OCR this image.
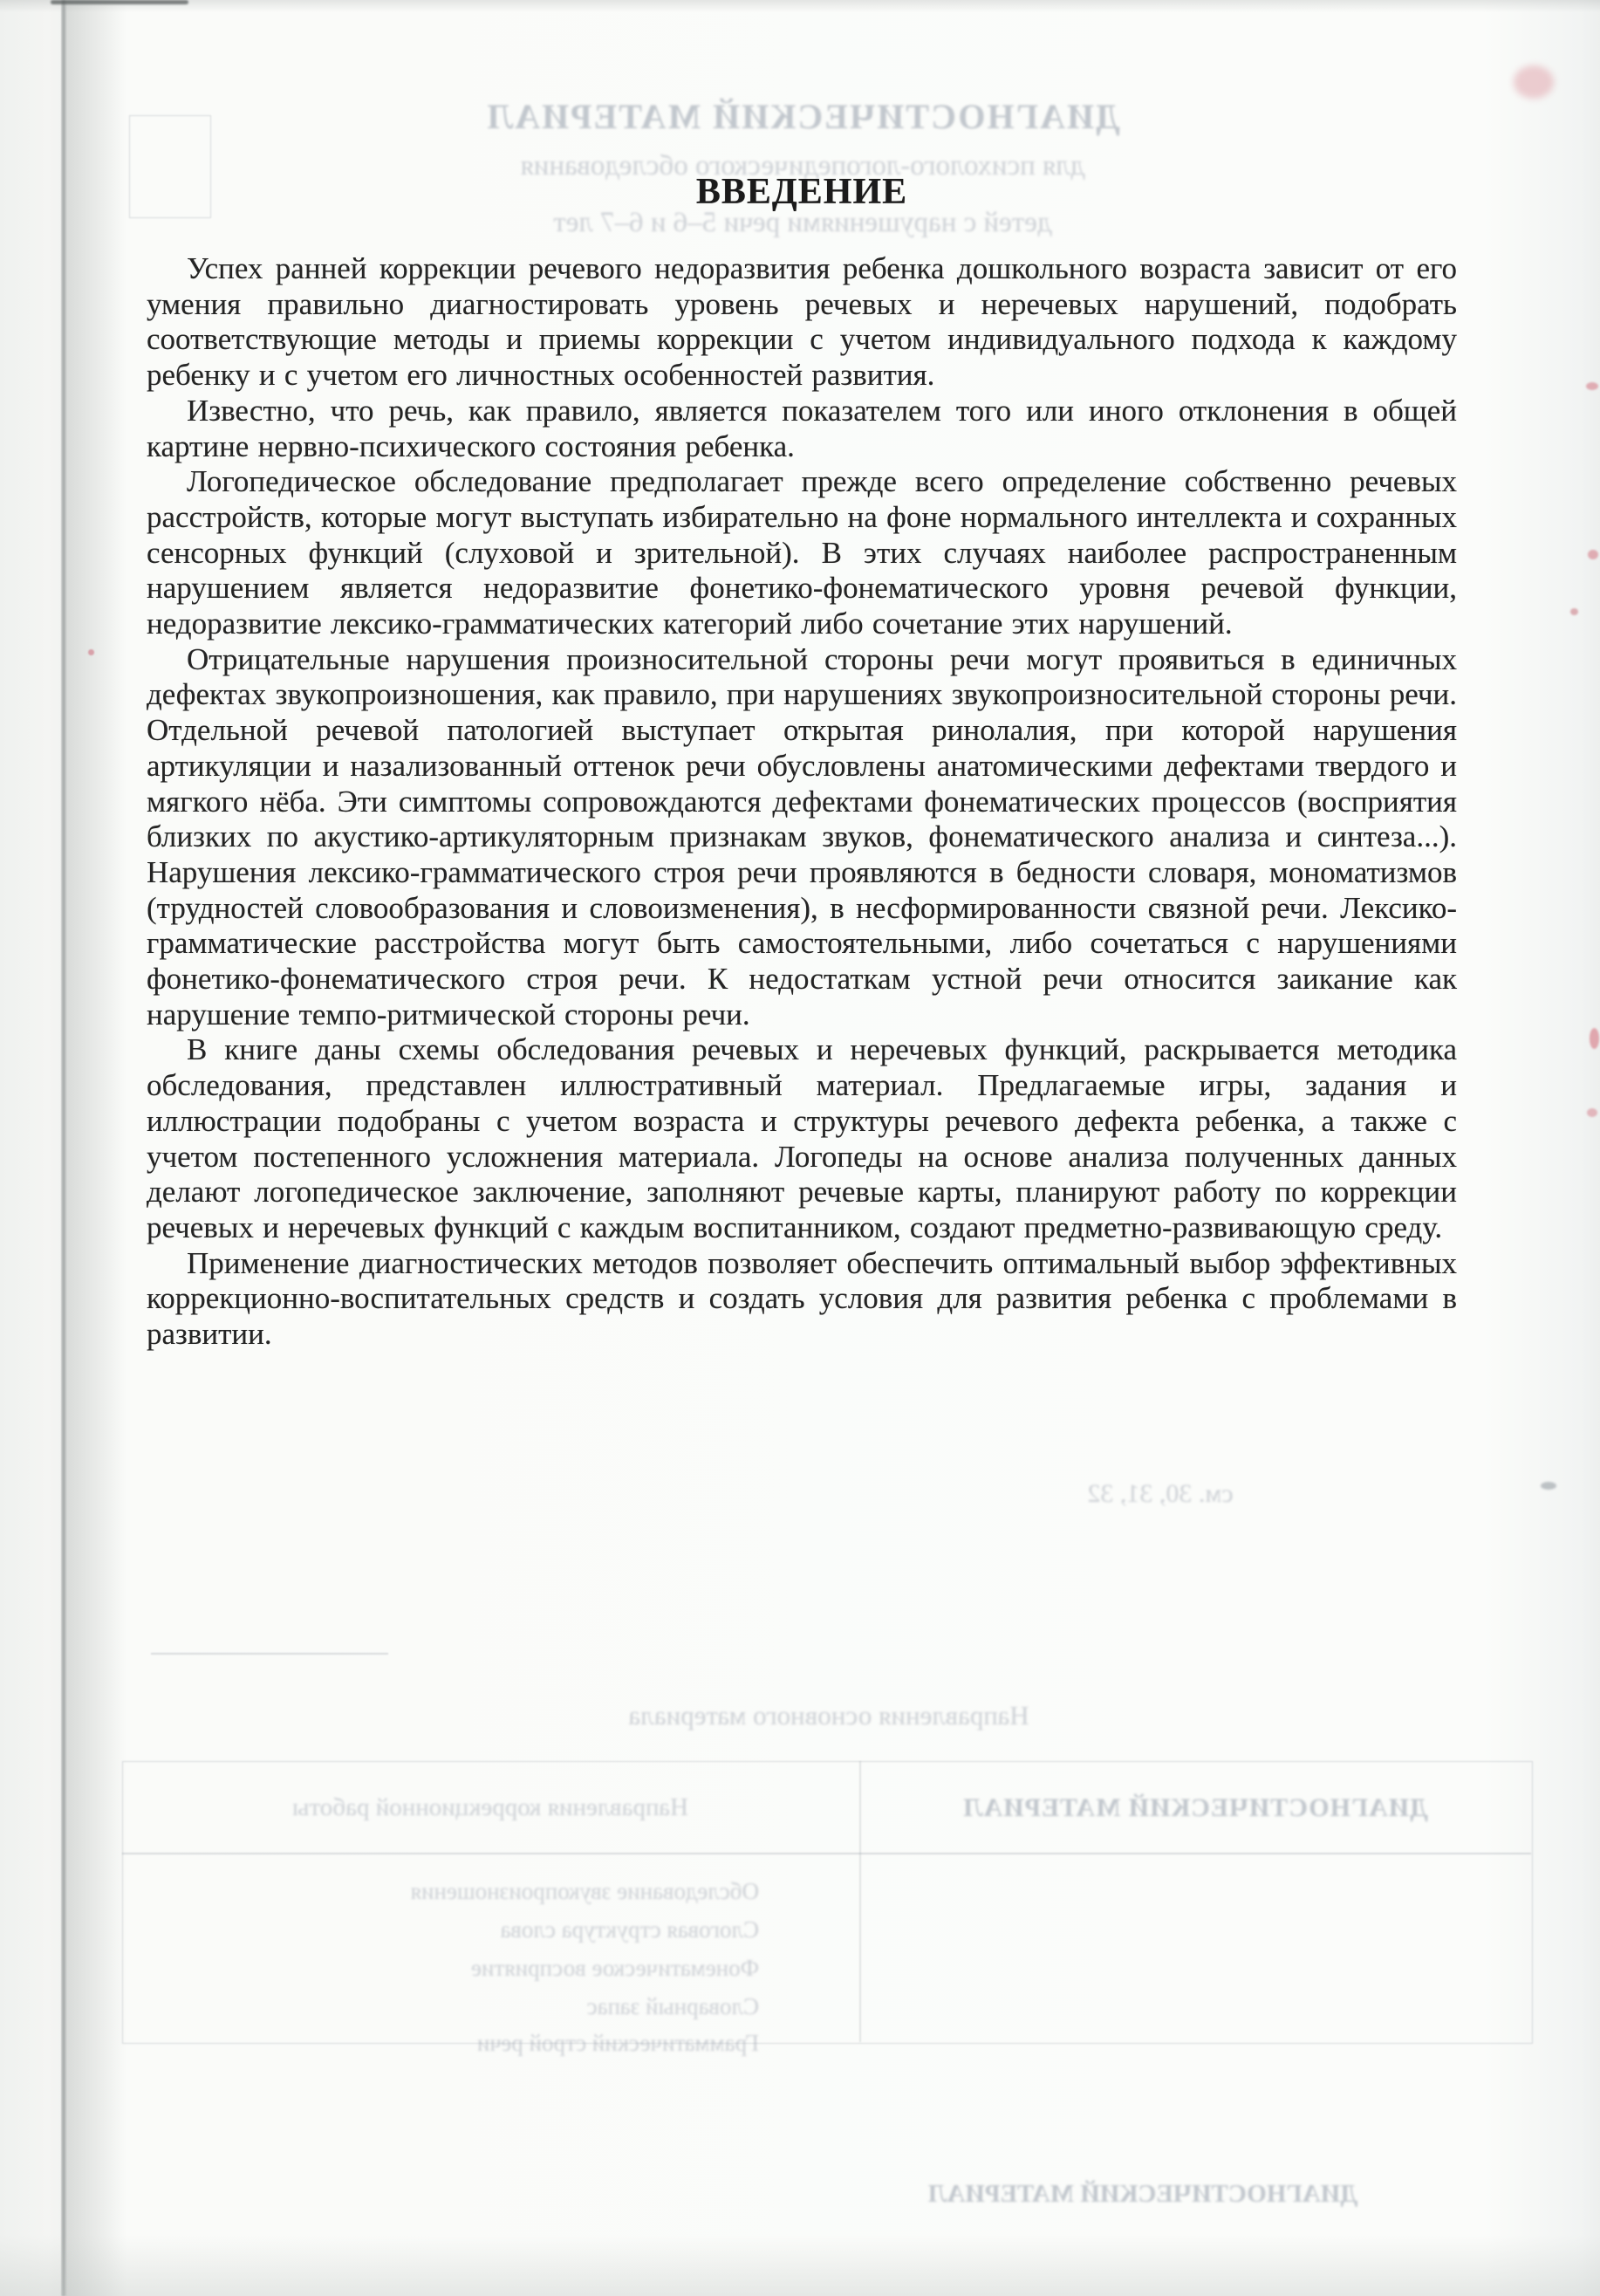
ДИАГНОСТИЧЕСКИЙ МАТЕРИАЛ
для психолого-логопедического обследования
детей с нарушениями речи 5–6 и 6–7 лет
см. 30, 31, 32
Направления основного материала
Направления коррекционной работы	ДИАГНОСТИЧЕСКИЙ МАТЕРИАЛ
Обследование звукопроизношения
Слоговая структура слова
Фонематическое восприятие
Словарный запас
Грамматический строй речи
ДИАГНОСТИЧЕСКИЙ МАТЕРИАЛ
ВВЕДЕНИЕ

Успех ранней коррекции речевого недоразвития ребенка дошкольного возраста зависит от его умения правильно диагностировать уровень речевых и неречевых нарушений, подобрать соответствующие методы и приемы коррекции с учетом индивидуального подхода к каждому ребенку и с учетом его личностных особенностей развития.

Известно, что речь, как правило, является показателем того или иного отклонения в общей картине нервно-психического состояния ребенка.

Логопедическое обследование предполагает прежде всего определение собственно речевых расстройств, которые могут выступать избирательно на фоне нормального интеллекта и сохранных сенсорных функций (слуховой и зрительной). В этих случаях наиболее распространенным нарушением является недоразвитие фонетико-фонематического уровня речевой функции, недоразвитие лексико-грамматических категорий либо сочетание этих нарушений.

Отрицательные нарушения произносительной стороны речи могут проявиться в единичных дефектах звукопроизношения, как правило, при нарушениях звукопроизносительной стороны речи. Отдельной речевой патологией выступает открытая ринолалия, при которой нарушения артикуляции и назализованный оттенок речи обусловлены анатомическими дефектами твердого и мягкого нёба. Эти симптомы сопровождаются дефектами фонематических процессов (восприятия близких по акустико-артикуляторным признакам звуков, фонематического анализа и синтеза...). Нарушения лексико-грамматического строя речи проявляются в бедности словаря, мономатизмов (трудностей словообразования и словоизменения), в несформированности связной речи. Лексико-грамматические расстройства могут быть самостоятельными, либо сочетаться с нарушениями фонетико-фонематического строя речи. К недостаткам устной речи относится заикание как нарушение темпо-ритмической стороны речи.

В книге даны схемы обследования речевых и неречевых функций, раскрывается методика обследования, представлен иллюстративный материал. Предлагаемые игры, задания и иллюстрации подобраны с учетом возраста и структуры речевого дефекта ребенка, а также с учетом постепенного усложнения материала. Логопеды на основе анализа полученных данных делают логопедическое заключение, заполняют речевые карты, планируют работу по коррекции речевых и неречевых функций с каждым воспитанником, создают предметно-развивающую среду.

Применение диагностических методов позволяет обеспечить оптимальный выбор эффективных коррекционно-воспитательных средств и создать условия для развития ребенка с проблемами в развитии.
